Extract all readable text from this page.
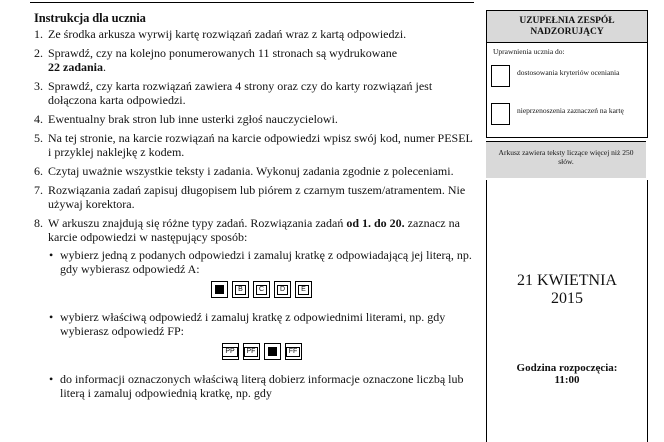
Instrukcja dla ucznia
1. Ze środka arkusza wyrwij kartę rozwiązań zadań wraz z kartą odpowiedzi.
2. Sprawdź, czy na kolejno ponumerowanych 11 stronach są wydrukowane
22 zadania.
3. Sprawdź, czy karta rozwiązań zawiera 4 strony oraz czy do karty rozwiązań jest dołączona karta odpowiedzi.
4. Ewentualny brak stron lub inne usterki zgłoś nauczycielowi.
5. Na tej stronie, na karcie rozwiązań na karcie odpowiedzi wpisz swój kod, numer PESEL i przyklej naklejkę z kodem.
6. Czytaj uważnie wszystkie teksty i zadania. Wykonuj zadania zgodnie z poleceniami.
7. Rozwiązania zadań zapisuj długopisem lub piórem z czarnym tuszem/atramentem. Nie używaj korektora.
8. W arkuszu znajdują się różne typy zadań. Rozwiązania zadań od 1. do 20. zaznacz na karcie odpowiedzi w następujący sposób:
• wybierz jedną z podanych odpowiedzi i zamaluj kratkę z odpowiadającą jej literą, np. gdy wybierasz odpowiedź A:
B	C	D	E
• wybierz właściwą odpowiedź i zamaluj kratkę z odpowiednimi literami, np. gdy wybierasz odpowiedź FP:
PP	PF	FF
• do informacji oznaczonych właściwą literą dobierz informacje oznaczone liczbą lub literą i zamaluj odpowiednią kratkę, np. gdy
UZUPEŁNIA ZESPÓŁ
NADZORUJĄCY
Uprawnienia ucznia do:
dostosowania kryteriów oceniania
nieprzenoszenia zaznaczeń na kartę
Arkusz zawiera teksty liczące więcej niż 250 słów.
21 KWIETNIA
2015
Godzina rozpoczęcia:
11:00
